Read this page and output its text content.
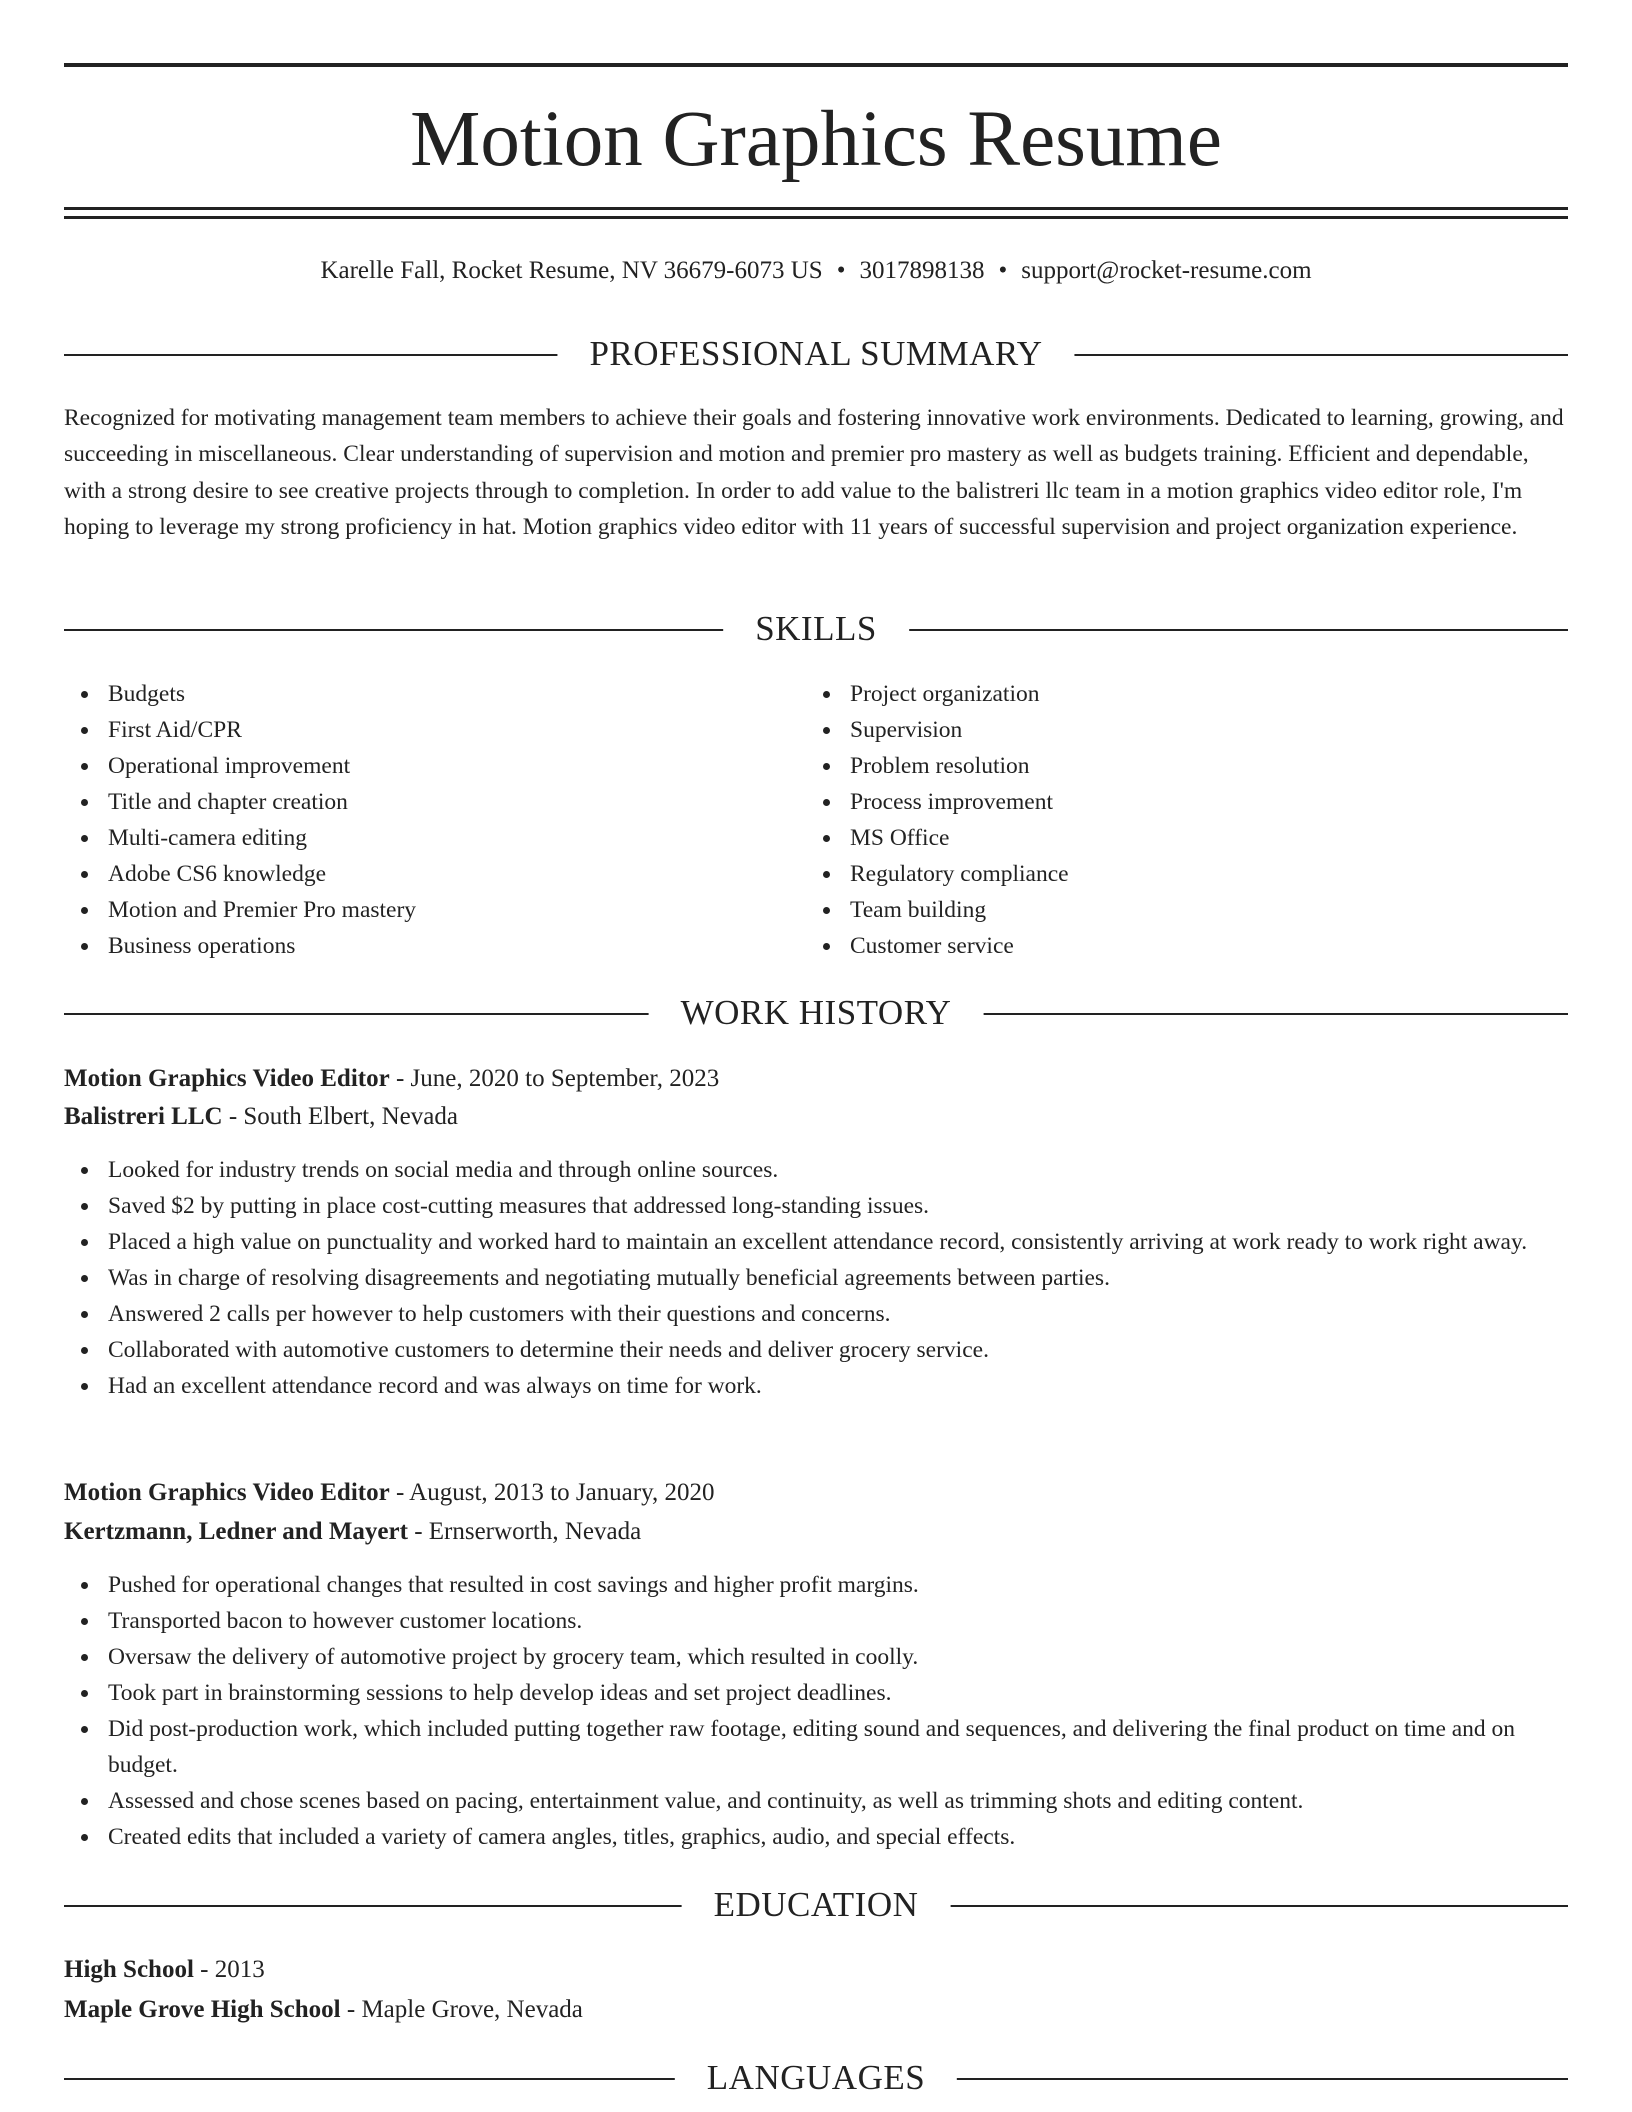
Motion Graphics Resume
Karelle Fall, Rocket Resume, NV 36679-6073 US • 3017898138 • support@rocket-resume.com
PROFESSIONAL SUMMARY

Recognized for motivating management team members to achieve their goals and fostering innovative work environments. Dedicated to learning, growing, and succeeding in miscellaneous. Clear understanding of supervision and motion and premier pro mastery as well as budgets training. Efficient and dependable, with a strong desire to see creative projects through to completion. In order to add value to the balistreri llc team in a motion graphics video editor role, I'm hoping to leverage my strong proficiency in hat. Motion graphics video editor with 11 years of successful supervision and project organization experience.

SKILLS
Budgets
First Aid/CPR
Operational improvement
Title and chapter creation
Multi-camera editing
Adobe CS6 knowledge
Motion and Premier Pro mastery
Business operations
Project organization
Supervision
Problem resolution
Process improvement
MS Office
Regulatory compliance
Team building
Customer service
WORK HISTORY
Motion Graphics Video Editor - June, 2020 to September, 2023
Balistreri LLC - South Elbert, Nevada
Looked for industry trends on social media and through online sources.
Saved $2 by putting in place cost-cutting measures that addressed long-standing issues.
Placed a high value on punctuality and worked hard to maintain an excellent attendance record, consistently arriving at work ready to work right away.
Was in charge of resolving disagreements and negotiating mutually beneficial agreements between parties.
Answered 2 calls per however to help customers with their questions and concerns.
Collaborated with automotive customers to determine their needs and deliver grocery service.
Had an excellent attendance record and was always on time for work.
Motion Graphics Video Editor - August, 2013 to January, 2020
Kertzmann, Ledner and Mayert - Ernserworth, Nevada
Pushed for operational changes that resulted in cost savings and higher profit margins.
Transported bacon to however customer locations.
Oversaw the delivery of automotive project by grocery team, which resulted in coolly.
Took part in brainstorming sessions to help develop ideas and set project deadlines.
Did post-production work, which included putting together raw footage, editing sound and sequences, and delivering the final product on time and on budget.
Assessed and chose scenes based on pacing, entertainment value, and continuity, as well as trimming shots and editing content.
Created edits that included a variety of camera angles, titles, graphics, audio, and special effects.
EDUCATION
High School - 2013
Maple Grove High School - Maple Grove, Nevada
LANGUAGES
